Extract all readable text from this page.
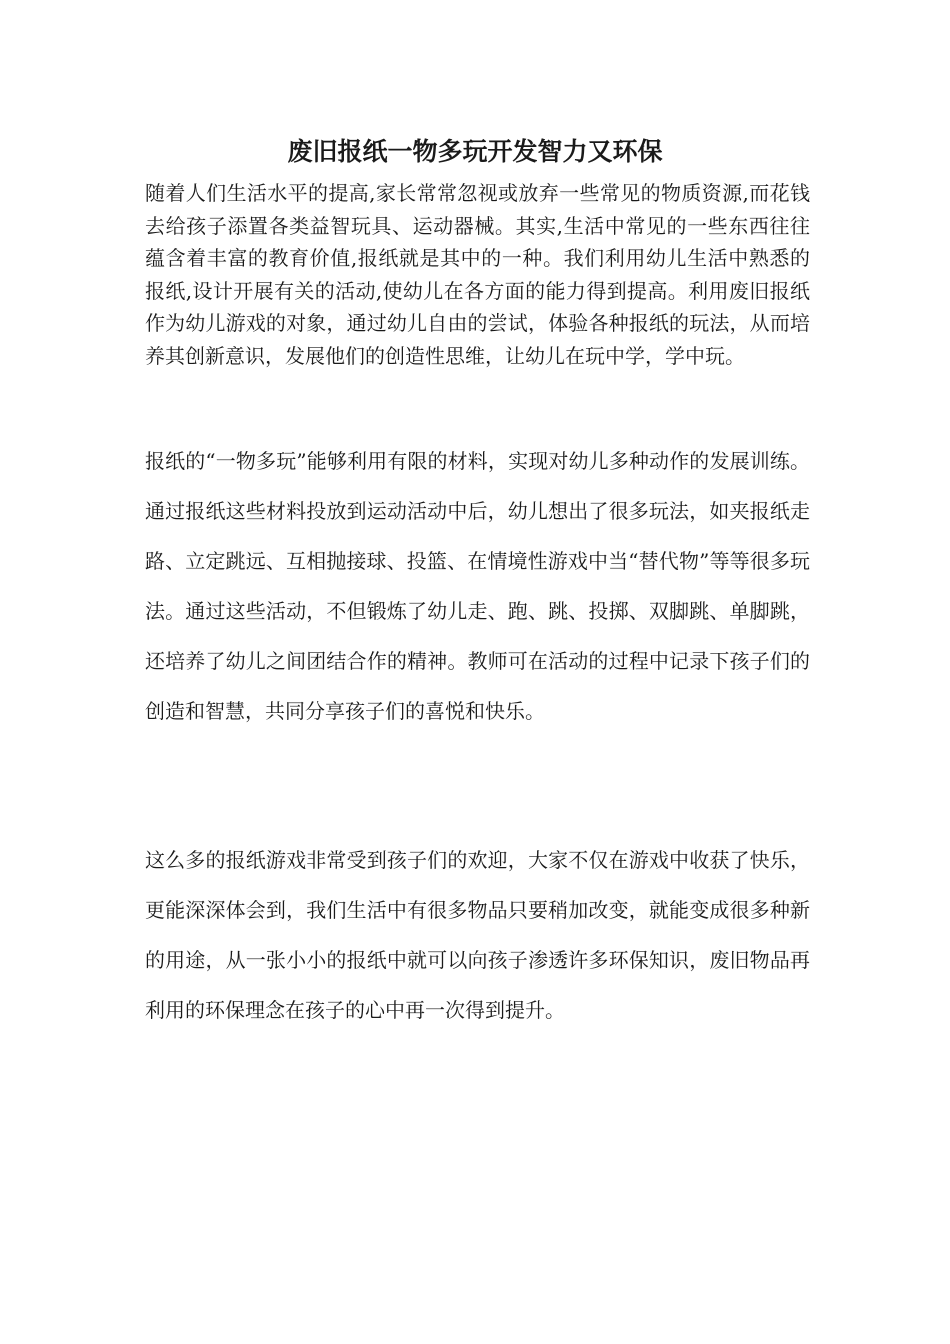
废旧报纸一物多玩开发智力又环保

随着人们生活水平的提高,家长常常忽视或放弃一些常见的物质资源,而花钱去给孩子添置各类益智玩具、运动器械。其实,生活中常见的一些东西往往蕴含着丰富的教育价值,报纸就是其中的一种。我们利用幼儿生活中熟悉的报纸,设计开展有关的活动,使幼儿在各方面的能力得到提高。利用废旧报纸作为幼儿游戏的对象，通过幼儿自由的尝试，体验各种报纸的玩法，从而培养其创新意识，发展他们的创造性思维，让幼儿在玩中学，学中玩。

报纸的“一物多玩”能够利用有限的材料，实现对幼儿多种动作的发展训练。通过报纸这些材料投放到运动活动中后，幼儿想出了很多玩法，如夹报纸走路、立定跳远、互相抛接球、投篮、在情境性游戏中当“替代物”等等很多玩法。通过这些活动，不但锻炼了幼儿走、跑、跳、投掷、双脚跳、单脚跳，还培养了幼儿之间团结合作的精神。教师可在活动的过程中记录下孩子们的创造和智慧，共同分享孩子们的喜悦和快乐。

这么多的报纸游戏非常受到孩子们的欢迎，大家不仅在游戏中收获了快乐，更能深深体会到，我们生活中有很多物品只要稍加改变，就能变成很多种新的用途，从一张小小的报纸中就可以向孩子渗透许多环保知识，废旧物品再利用的环保理念在孩子的心中再一次得到提升。
